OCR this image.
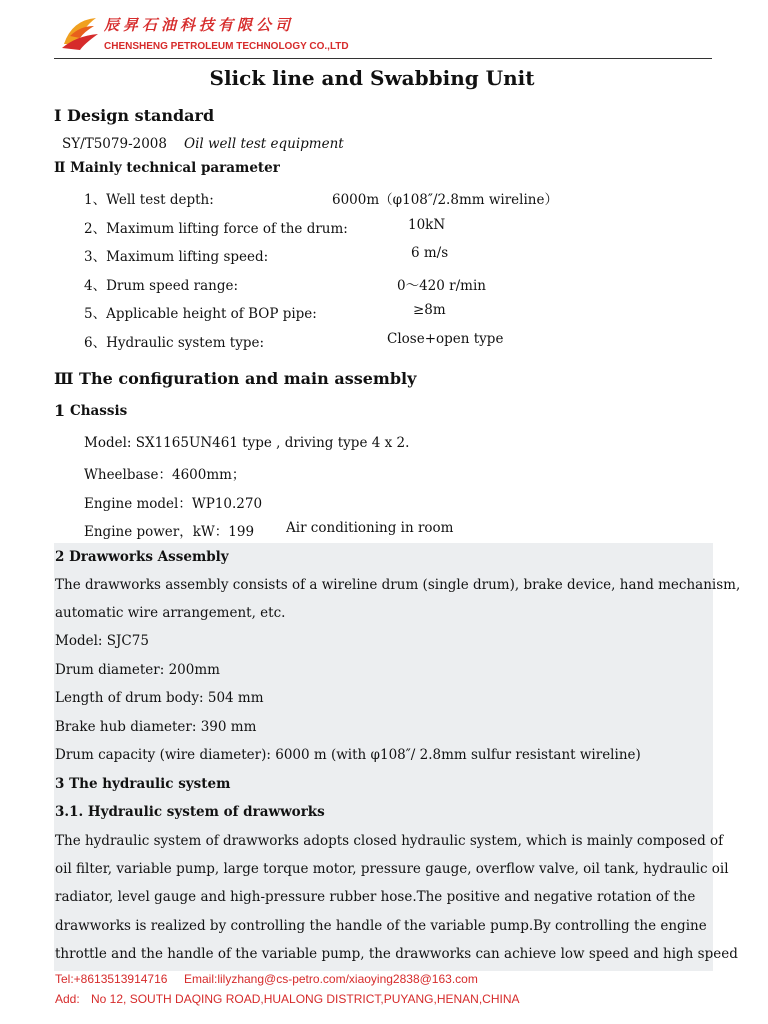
辰昇石油科技有限公司
CHENSHENG PETROLEUM TECHNOLOGY CO.,LTD
Slick line and Swabbing Unit
Ⅰ Design standard
SY/T5079-2008 Oil well test equipment
Ⅱ Mainly technical parameter
1、Well test depth:	6000m（φ108″/2.8mm wireline）
2、Maximum lifting force of the drum:	10kN
3、Maximum lifting speed:	6 m/s
4、Drum speed range:	0～420 r/min
5、Applicable height of BOP pipe:	≥8m
6、Hydraulic system type:	Close+open type
Ⅲ The configuration and main assembly
1 Chassis
Model: SX1165UN461 type , driving type 4 x 2.
Wheelbase：4600mm；
Engine model：WP10.270
Engine power，kW：199 Air conditioning in room
2 Drawworks Assembly
The drawworks assembly consists of a wireline drum (single drum), brake device, hand mechanism,
automatic wire arrangement, etc.
Model: SJC75
Drum diameter: 200mm
Length of drum body: 504 mm
Brake hub diameter: 390 mm
Drum capacity (wire diameter): 6000 m (with φ108″/ 2.8mm sulfur resistant wireline)
3 The hydraulic system
3.1. Hydraulic system of drawworks
The hydraulic system of drawworks adopts closed hydraulic system, which is mainly composed of
oil filter, variable pump, large torque motor, pressure gauge, overflow valve, oil tank, hydraulic oil
radiator, level gauge and high-pressure rubber hose.The positive and negative rotation of the
drawworks is realized by controlling the handle of the variable pump.By controlling the engine
throttle and the handle of the variable pump, the drawworks can achieve low speed and high speed
Tel:+8613513914716 Email:lilyzhang@cs-petro.com/xiaoying2838@163.com
Add: No 12, SOUTH DAQING ROAD,HUALONG DISTRICT,PUYANG,HENAN,CHINA
